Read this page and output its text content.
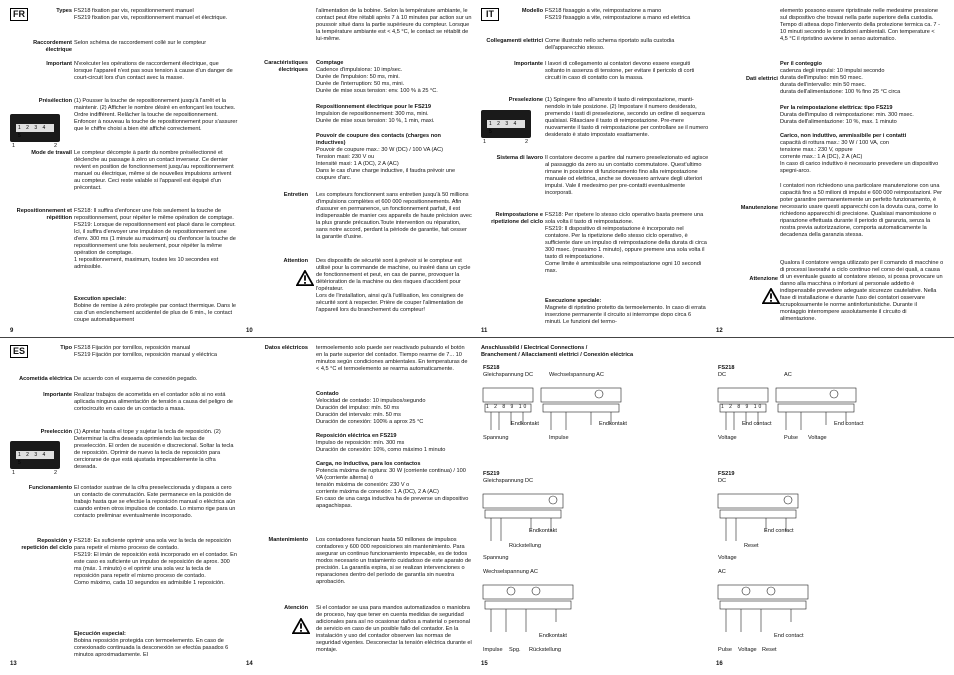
FR	Types FS218 fixation par vis, repositionnement manuel
FS219 fixation par vis, repositionnement manuel et électrique.
Raccordement électrique
Selon schéma de raccordement collé sur le compteur
Important N'exécuter les opérations de raccordement électrique, que lorsque l'appareil n'est pas sous tension à cause d'un danger de court-circuit lors d'un contact avec la masse.
Présélection (1) Pousser la touche de repositionnement jusqu'à l'arrêt et la maintenir. (2) Afficher le nombre désiré en enfonçant les touches. Ordre indifférent. Relâcher la touche de repositionnement. Enfoncer à nouveau la touche de repositionnement pour s'assurer que le chiffre choisi a bien été affiché correctement.
1 2 3 4 5
1	2
Mode de travail Le compteur décompte à partir du nombre présélectionné et déclenche au passage à zéro un contact inverseur. Ce dernier revient en position de fonctionnement jusqu'au repositionnement manuel ou électrique, même si de nouvelles impulsions arrivent au compteur. Ceci reste valable si l'appareil est équipé d'un précontact.
Repositionnement et répétition
FS218: Il suffira d'enfoncer une fois seulement la touche de repositionnement, pour répéter le même opération de comptage.
FS219: Lorsque de repositionnement est placé dans le compteur. Ici, il suffira d'envoyer une impulsion de repositionnement une d'env. 300 ms (1 minute au maximum) ou d'enfoncer la touche de repositionnement une fois seulement, pour répéter la même opération de comptage.
1 repositionnement, maximum, toutes les 10 secondes est admissible.
Execution speciale:
Bobine de remise à zéro protegée par contact thermique. Dans le cas d'un enclenchement accidentel de plus de 6 min., le contact coupe automatiquement
9
l'alimentation de la bobine. Selon la température ambiante, le contact peut être rétabli après 7 à 10 minutes par action sur un poussoir situé dans la partie supérieure du compteur. Lorsque la température ambiante est < 4,5 °C, le contact se rétablit de lui-même.
Caractéristiques électriques
Comptage
Cadence d'impulsions: 10 imp/sec.
Durée de l'impulsion: 50 ms, mini.
Durée de l'interruption: 50 ms, mini.
Durée de mise sous tension: env. 100 % à 25 °C.
Repositionnement électrique pour le FS219
Impulsion de repositionnement: 300 ms, mini.
Durée de mise sous tension: 10 %, 1 min, maxi.
Pouvoir de coupure des contacts (charges non inductives)
Pouvoir de coupure max.: 30 W (DC) / 100 VA (AC)
Tension maxi: 230 V ou
Intensité maxi: 1 A (DC), 2 A (AC)
Dans le cas d'une charge inductive, il faudra prévoir une coupure d'arc.
Entretien Les compteurs fonctionnent sans entretien jusqu'à 50 millions d'impulsions complètes et 600 000 repositionnements. Afin d'assurer en permanence, un fonctionnement parfait, il est indispensable de manier ces appareils de haute précision avec la plus grande précaution.Toute intervention ou réparation, sans notre accord, perdant la période de garantie, fait cesser la garantie d'usine.
Attention Des dispositifs de sécurité sont à prévoir si le compteur est utilisé pour la commande de machine, ou inséré dans un cycle de fonctionnement et peut, en cas de panne, provoquer la détérioration de la machine ou des risques d'accident pour l'opérateur.
Lors de l'installation, ainsi qu'à l'utilisation, les consignes de sécurité sont à respecter. Prière de couper l'alimentation de l'appareil lors du branchement du compteur!
10
IT	Modello FS218 fissaggio a vite, reimpostazione a mano
FS219 fissaggio a vite, reimpostazione a mano ed elettrica
Collegamenti elettrici Come illustrato nello schema riportato sulla custodia dell'apparecchio stesso.
Importante I lavori di collegamento ai contatori devono essere eseguiti soltanto in assenza di tensione, per evitare il pericolo di corti circuiti in caso di contatto con la massa.
Preselezione (1) Spingere fino all'arresto il tasto di reimpostazione, manti-nendolo in tale posizione. (2) Impostare il numero desiderato, premendo i tasti di preselezione, secondo un ordine di sequenza qualsiasi. Rilasciare il tasto di reimpostazione. Pre-mere nuovamente il tasto di reimpostazione per controllare se il numero desiderato è stato impostato esattamente.
1 2 3 4 5
1	2
Sistema di lavoro Il contatore decorre a partire dal numero preselezionato ed agisce al passaggio da zero su un contatto commutatore. Quest'ultimo rimane in posizione di funzionamento fino alla reimpostazione manuale od elettrica, anche se dovessero arrivare degli ulteriori impulsi. Vale il medesimo per pre-contatti eventualmente incorporati.
Reimpostazione e ripetizione del ciclo
FS218: Per ripetere lo stesso ciclo operativo basta premere una sola volta il tasto di reimpostazione.
FS219: Il dispositivo di reimpostazione è incorporato nel contatore. Per la ripetizione dello stesso ciclo operativo, è sufficiente dare un impulso di reimpostazione della durata di circa 300 msec. (massimo 1 minuto), oppure premere una sola volta il tasto di reimpostazione.
Come limite è ammissibile una reimpostazione ogni 10 secondi max.
Esecuzione speciale:
Magnete di ripristino protetto da termoelemento. In caso di errata inserzione permanente il circuito si interrompe dopo circa 6 minuti. Le funzioni del termo-
11
elemento possono essere ripristinate nelle medesime pressione sul dispositivo che trovasi nella parte superiore della custodia. Tempo di attesa dopo l'intervento della protezione termica ca. 7 - 10 minuti secondo le condizioni ambientali. Con temperature < 4,5 °C il ripristino avviene in senso automatico.
Per il conteggio
Dati elettrici
cadenza degli impulsi: 10 impulsi secondo
durata dell'impulso: min 50 msec.
durata dell'intervallo: min 50 msec.
durata dell'alimentazione: 100 % fino 25 °C circa
Per la reimpostazione elettrica: tipo FS219
Durata dell'impulso di reimpostazione: min. 300 msec.
Durata dell'alimentazione: 10 %, max. 1 minuto
Carico, non induttivo, ammissibile per i contatti
capacità di rottura max.: 30 W / 100 VA, con
tensione max.: 230 V, oppure
corrente max.: 1 A (DC), 2 A (AC)
In caso di carico induttivo è necessario prevedere un dispositivo spegni-arco.
Manutenzione
I contatori non richiedono una particolare manutenzione con una capacità fino a 50 milioni di impulsi e 600 000 reimpostazioni. Per poter garantire permanentemente un perfetto funzionamento, è necessario usare questi apparecchi con la dovuta cura, come lo richiedono apparecchi di precisione. Qualsiasi manomissione o riparazione effettuata durante il periodo di garanzia, senza la nostra previa autorizzazione, comporta automaticamente la decadenza della garanzia stessa.
Attenzione
Qualora il contatore venga utilizzato per il comando di macchine o di processi lavorativi a ciclo continuo nel corso dei quali, a causa di un eventuale guasto al contatore stesso, si possa provocare un danno alla macchina o infortuni al personale addetto è indispensabile prevedere adeguate sicurezze cautelative. Nella fase di installazione e durante l'uso dei contatori osservare scrupolosamente le norme antinfortunistiche. Durante il montaggio interrompere assolutamente il circuito di alimentazione.
12
ES	Tipo FS218 Fijación por tornillos, reposición manual
FS219 Fijación por tornillos, reposición manual y eléctrica
Acometida eléctrica De acuerdo con el esquema de conexión pegado.
Importante Realizar trabajos de acometida en el contador sólo si no está aplicada ninguna alimentación de tensión a causa del peligro de cortocircuito en caso de un contacto a masa.
Preelección (1) Apretar hasta el tope y sujetar la tecla de reposición. (2) Determinar la cifra deseada oprimiendo las teclas de preselección. El orden de sucesión e discrecional. Soltar la tecla de reposición. Oprimir de nuevo la tecla de reposición para cerciorarse de que está ajustada impecablemente la cifra deseada.
1 2 3 4 5
1	2
Funcionamiento El contador sustrae de la cifra preseleccionada y dispara a cero un contacto de conmutación. Este permanece en la posición de trabajo hasta que se efectúe la reposición manual o eléctrica aún cuando entren otros impulsos de contado. Lo mismo rige para un contacto preliminar eventualmente incorporado.
Reposición y repetición del ciclo
FS218: Es suficiente oprimir una sola vez la tecla de reposición para repetir el mismo proceso de contado.
FS219: El imán de reposición está incorporado en el contador. En este caso es suficiente un impulso de reposición de aprox. 300 ms (máx. 1 minuto) o el oprimir una sola vez la tecla de reposición para repetir el mismo proceso de contado.
Como máximo, cada 10 segundos es admisible 1 reposición.
Ejecución especial:
Bobina reposición protegida con termoelemento. En caso de conexionado continuada la desconexión se efectúa pasados 6 minutos aproximadamente. El
13
Datos eléctricos termoelemento solo puede ser reactivado pulsando el botón en la parte superior del contador. Tiempo rearme de 7... 10 minutos según condiciones ambientales. En temperaturas de < 4,5 °C el termoelemento se rearma automaticamente.
Contado
Velocidad de contado: 10 impulsos/segundo
Duración del impulso: mín. 50 ms
Duración del intervalo: mín. 50 ms
Duración de conexión: 100% a aprox 25 °C
Reposición eléctrica en FS219
Impulso de reposición: mín. 300 ms
Duración de conexión: 10%, como máximo 1 minuto
Carga, no inductiva, para los contactos
Potencia máxima de ruptura: 30 W (corriente continua) / 100 VA (corriente alterna) ó
tensión máxima de conexión: 230 V o
corriente máxima de conexión: 1 A (DC), 2 A (AC)
En caso de una carga inductiva ha de preverse un dispositivo apagachispas.
Mantenimiento Los contadores funcionan hasta 50 millones de impulsos contadores y 600 000 reposiciones sin mantenimiento. Para asegurar un continuo funcionamiento impecable, es de todos modos necesario un tratamiento cuidadoso de este aparato de precisión. La garantía expira, si se realizan intervenciones o reparaciones dentro del período de garantía sin nuestra aprobación.
Atención Si el contador se usa para mandos automatizados o maniobra de proceso, hay que tener en cuenta medidas de seguridad adicionales para así no ocasionar daños a material o personal de servicio en caso de un posible fallo del contador. En la instalación y uso del contador observen las normas de seguridad vigentes. Desconectar la tensión eléctrica durante el montaje.
14
Anschlussbild / Electrical Connections /
Branchement / Allacciamenti elettrici / Conexión eléctrica
FS218
Gleichspannung DC	Wechselspannung AC
1 2 8 9 10
Endkontakt
Spannung	Impulse
Endkontakt
FS219
Gleichspannung DC
Endkontakt
Rückstellung
Spannung
Wechselspannung AC
Endkontakt
Impulse Spg. Rückstellung
15
FS218
DC	AC
1 2 8 9 10
End contact
Voltage	Pulse Voltage
End contact
FS219
DC
End contact
Reset
Voltage
AC
End contact
Pulse Voltage Reset
16
